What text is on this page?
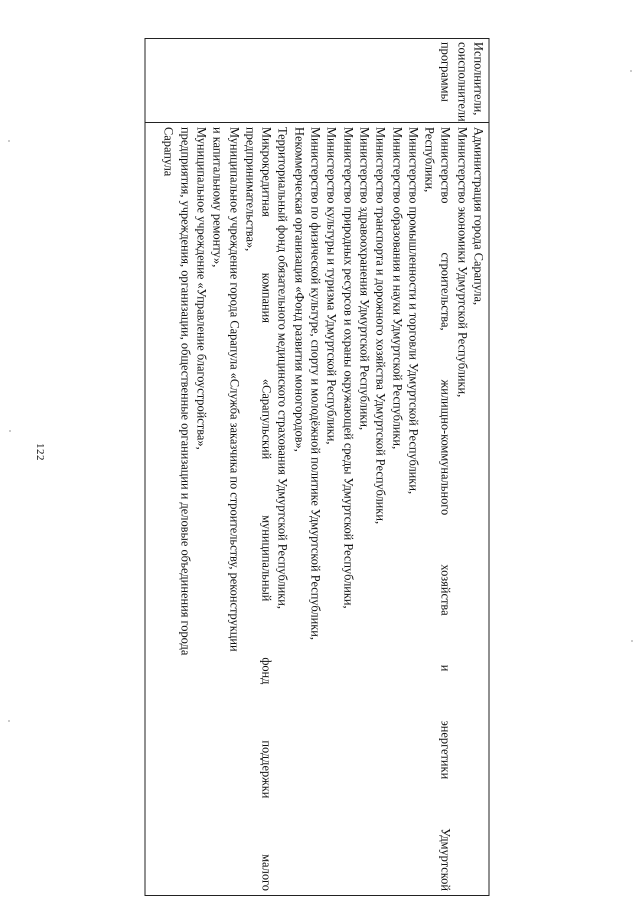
122
Исполнители,
соисполнители
программы
Администрация города Сарапула,
Министерство экономики Удмуртской Республики,
Министерство строительства, жилищно-коммунального хозяйства и энергетики Удмуртской
Республики,
Министерство промышленности и торговли Удмуртской Республики,
Министерство образования и науки Удмуртской Республики,
Министерство транспорта и дорожного хозяйства Удмуртской Республики,
Министерство здравоохранения Удмуртской Республики,
Министерство природных ресурсов и охраны окружающей среды Удмуртской Республики,
Министерство культуры и туризма Удмуртской Республики,
Министерство по физической культуре, спорту и молодёжной политике Удмуртской Республики,
Некоммерческая организация «Фонд развития моногородов»,
Территориальный фонд обязательного медицинского страхования Удмуртской Республики,
Микрокредитная компания «Сарапульский муниципальный фонд поддержки малого
предпринимательства»,
Муниципальное учреждение города Сарапула «Служба заказчика по строительству, реконструкции
и капитальному ремонту»,
Муниципальное учреждение «Управление благоустройства»,
предприятия, учреждения, организации, общественные организации и деловые объединения города
Сарапула
